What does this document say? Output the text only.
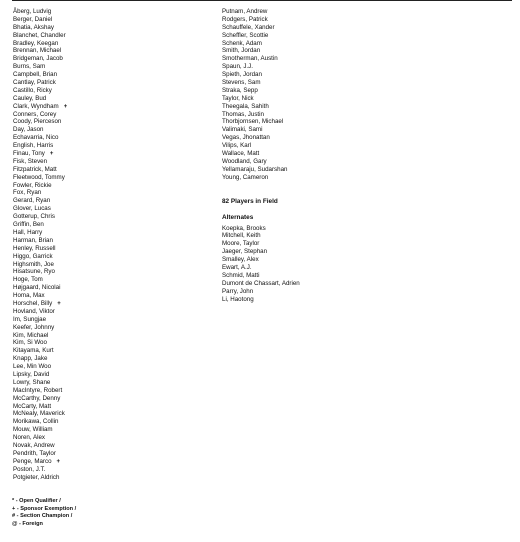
Åberg, Ludvig
Berger, Daniel
Bhatia, Akshay
Blanchet, Chandler
Bradley, Keegan
Brennan, Michael
Bridgeman, Jacob
Burns, Sam
Campbell, Brian
Cantlay, Patrick
Castillo, Ricky
Cauley, Bud
Clark, Wyndham +
Conners, Corey
Coody, Pierceson
Day, Jason
Echavarria, Nico
English, Harris
Finau, Tony +
Fisk, Steven
Fitzpatrick, Matt
Fleetwood, Tommy
Fowler, Rickie
Fox, Ryan
Gerard, Ryan
Glover, Lucas
Gotterup, Chris
Griffin, Ben
Hall, Harry
Harman, Brian
Henley, Russell
Higgo, Garrick
Highsmith, Joe
Hisatsune, Ryo
Hoge, Tom
Højgaard, Nicolai
Homa, Max
Horschel, Billy +
Hovland, Viktor
Im, Sungjae
Keefer, Johnny
Kim, Michael
Kim, Si Woo
Kitayama, Kurt
Knapp, Jake
Lee, Min Woo
Lipsky, David
Lowry, Shane
MacIntyre, Robert
McCarthy, Denny
McCarty, Matt
McNealy, Maverick
Morikawa, Collin
Mouw, William
Noren, Alex
Novak, Andrew
Pendrith, Taylor
Penge, Marco +
Poston, J.T.
Potgieter, Aldrich
Putnam, Andrew
Rodgers, Patrick
Schauffele, Xander
Scheffler, Scottie
Schenk, Adam
Smith, Jordan
Smotherman, Austin
Spaun, J.J.
Spieth, Jordan
Stevens, Sam
Straka, Sepp
Taylor, Nick
Theegala, Sahith
Thomas, Justin
Thorbjornsen, Michael
Valimaki, Sami
Vegas, Jhonattan
Vilips, Karl
Wallace, Matt
Woodland, Gary
Yellamaraju, Sudarshan
Young, Cameron
82 Players in Field
Alternates
Koepka, Brooks
Mitchell, Keith
Moore, Taylor
Jaeger, Stephan
Smalley, Alex
Ewart, A.J.
Schmid, Matti
Dumont de Chassart, Adrien
Parry, John
Li, Haotong
* - Open Qualifier /
+ - Sponsor Exemption /
# - Section Champion /
@ - Foreign
